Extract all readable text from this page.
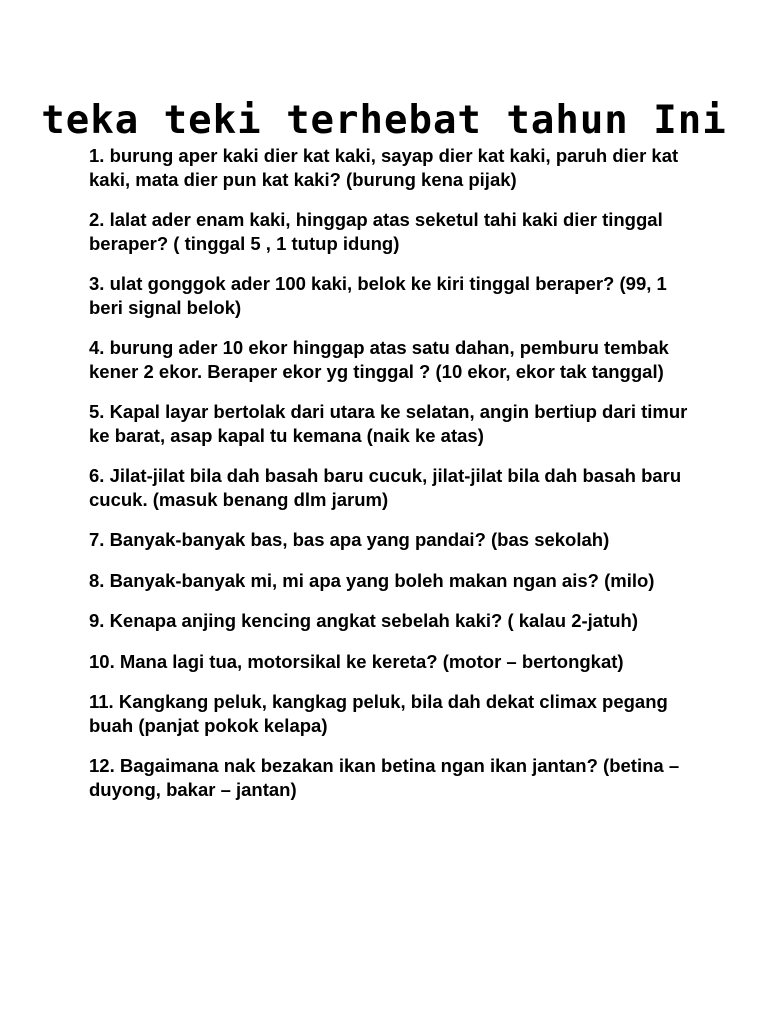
teka teki terhebat tahun Ini
1. burung aper kaki dier kat kaki, sayap dier kat kaki, paruh dier kat kaki, mata dier pun kat kaki? (burung kena pijak)
2. lalat ader enam kaki, hinggap atas seketul tahi kaki dier tinggal beraper? ( tinggal 5 , 1 tutup idung)
3. ulat gonggok ader 100 kaki, belok ke kiri tinggal beraper? (99, 1 beri signal belok)
4. burung ader 10 ekor hinggap atas satu dahan, pemburu tembak kener 2 ekor. Beraper ekor yg tinggal ? (10 ekor, ekor tak tanggal)
5. Kapal layar bertolak dari utara ke selatan, angin bertiup dari timur ke barat, asap kapal tu kemana (naik ke atas)
6. Jilat-jilat bila dah basah baru cucuk, jilat-jilat bila dah basah baru cucuk. (masuk benang dlm jarum)
7. Banyak-banyak bas, bas apa yang pandai? (bas sekolah)
8. Banyak-banyak mi, mi apa yang boleh makan ngan ais? (milo)
9. Kenapa anjing kencing angkat sebelah kaki? ( kalau 2-jatuh)
10. Mana lagi tua, motorsikal ke kereta? (motor – bertongkat)
11. Kangkang peluk, kangkag peluk, bila dah dekat climax pegang buah (panjat pokok kelapa)
12. Bagaimana nak bezakan ikan betina ngan ikan jantan? (betina – duyong, bakar – jantan)
